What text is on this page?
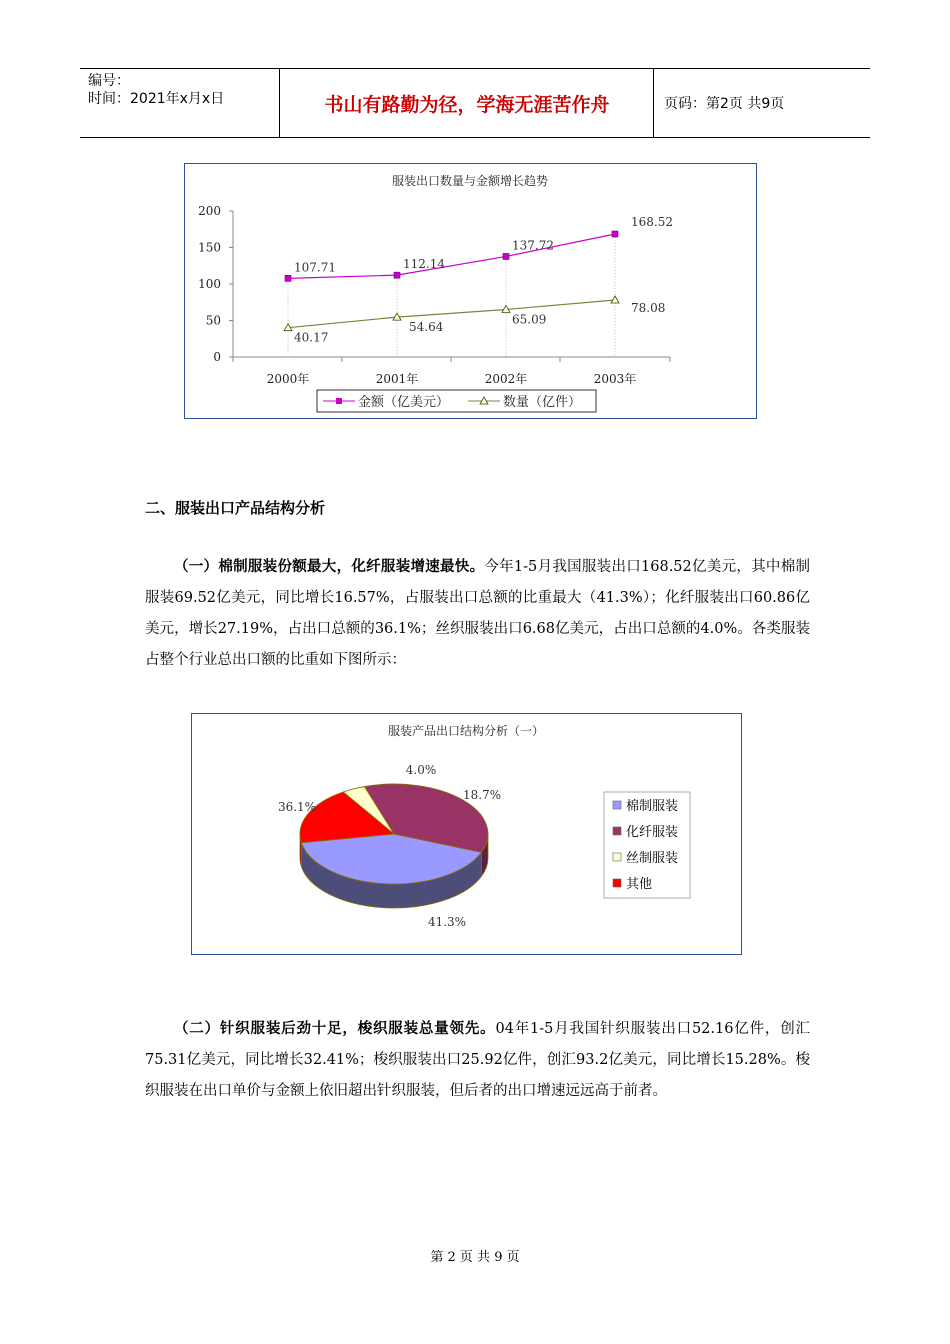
编号：
时间：2021年x月x日	书山有路勤为径，学海无涯苦作舟	页码：第2页 共9页
服装出口数量与金额增长趋势
0
50
100
150
200
2000年	2001年	2002年	2003年
107.71	112.14
137.72
168.52
40.17
54.64
65.09
78.08
金额（亿美元）	数量（亿件）
二、服装出口产品结构分析
（一）棉制服装份额最大，化纤服装增速最快。今年1-5月我国服装出口168.52亿美元，其中棉制服装69.52亿美元，同比增长16.57%，占服装出口总额的比重最大（41.3%）；化纤服装出口60.86亿美元，增长27.19%，占出口总额的36.1%；丝织服装出口6.68亿美元，占出口总额的4.0%。各类服装占整个行业总出口额的比重如下图所示：
服装产品出口结构分析（一）
41.3%
36.1%
4.0%
18.7%
棉制服装
化纤服装
丝制服装
其他
（二）针织服装后劲十足，梭织服装总量领先。04年1-5月我国针织服装出口52.16亿件，创汇75.31亿美元，同比增长32.41%；梭织服装出口25.92亿件，创汇93.2亿美元，同比增长15.28%。梭织服装在出口单价与金额上依旧超出针织服装，但后者的出口增速远远高于前者。
第 2 页 共 9 页
